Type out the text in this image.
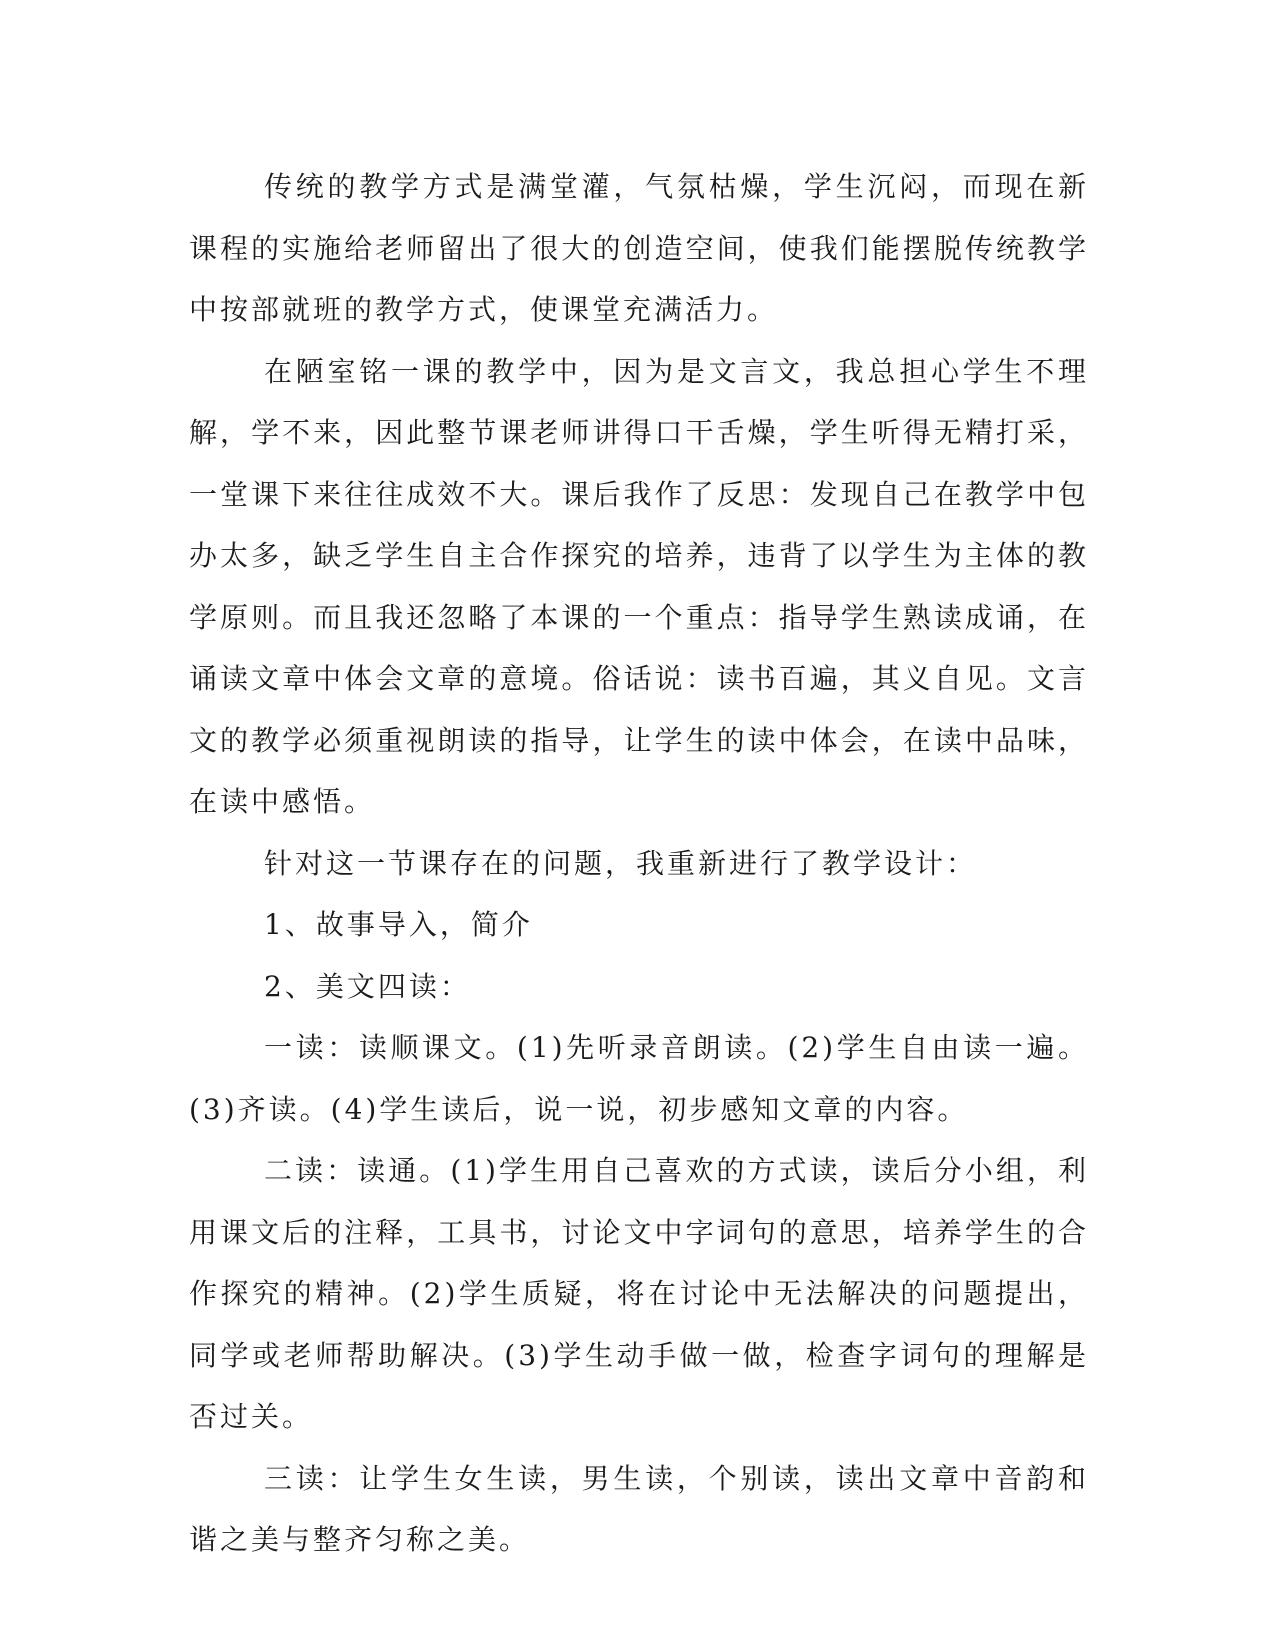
传统的教学方式是满堂灌，气氛枯燥，学生沉闷，而现在新课程的实施给老师留出了很大的创造空间，使我们能摆脱传统教学中按部就班的教学方式，使课堂充满活力。

在陋室铭一课的教学中，因为是文言文，我总担心学生不理解，学不来，因此整节课老师讲得口干舌燥，学生听得无精打采，一堂课下来往往成效不大。课后我作了反思：发现自己在教学中包办太多，缺乏学生自主合作探究的培养，违背了以学生为主体的教学原则。而且我还忽略了本课的一个重点：指导学生熟读成诵，在诵读文章中体会文章的意境。俗话说：读书百遍，其义自见。文言文的教学必须重视朗读的指导，让学生的读中体会，在读中品味，在读中感悟。

针对这一节课存在的问题，我重新进行了教学设计：

1、故事导入，简介

2、美文四读：

一读：读顺课文。(1)先听录音朗读。(2)学生自由读一遍。(3)齐读。(4)学生读后，说一说，初步感知文章的内容。

二读：读通。(1)学生用自己喜欢的方式读，读后分小组，利用课文后的注释，工具书，讨论文中字词句的意思，培养学生的合作探究的精神。(2)学生质疑，将在讨论中无法解决的问题提出，同学或老师帮助解决。(3)学生动手做一做，检查字词句的理解是否过关。

三读：让学生女生读，男生读，个别读，读出文章中音韵和谐之美与整齐匀称之美。
